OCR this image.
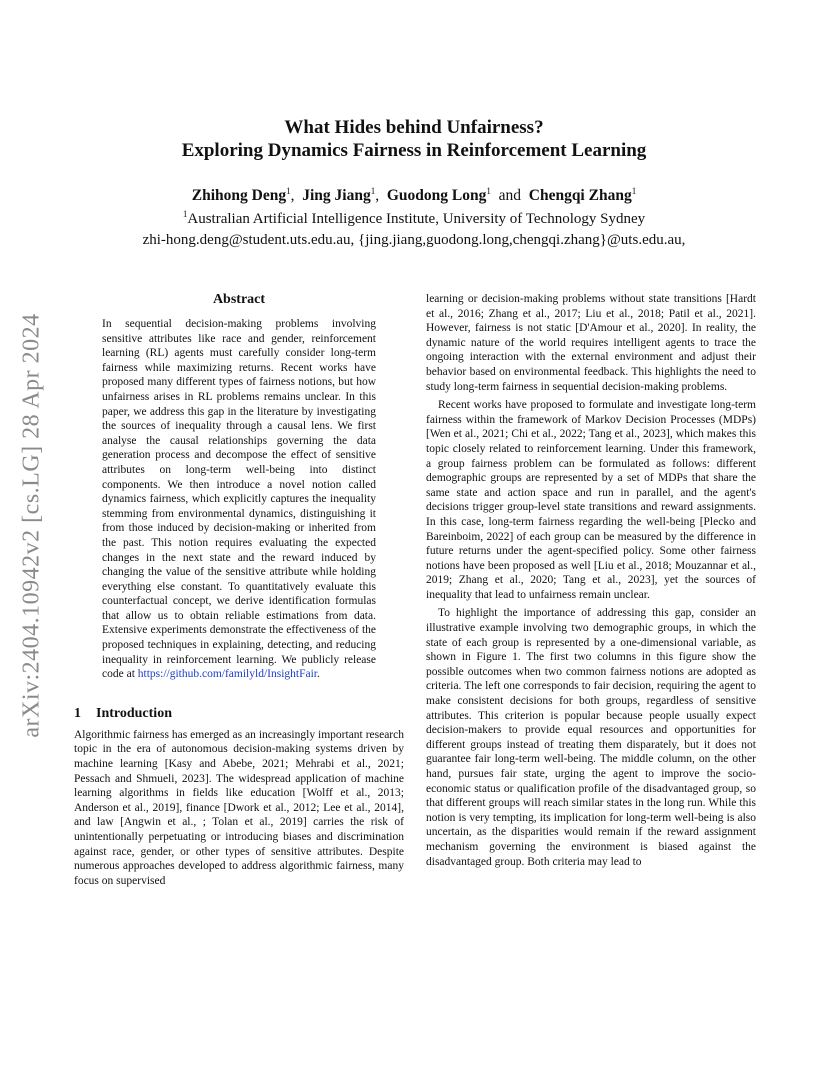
arXiv:2404.10942v2 [cs.LG] 28 Apr 2024
What Hides behind Unfairness?
Exploring Dynamics Fairness in Reinforcement Learning
Zhihong Deng$^1$, Jing Jiang$^1$, Guodong Long$^1$ and Chengqi Zhang$^1$
$^1$Australian Artificial Intelligence Institute, University of Technology Sydney
zhi-hong.deng@student.uts.edu.au, {jing.jiang,guodong.long,chengqi.zhang}@uts.edu.au,
Abstract

In sequential decision-making problems involving sensitive attributes like race and gender, reinforcement learning (RL) agents must carefully consider long-term fairness while maximizing returns. Recent works have proposed many different types of fairness notions, but how unfairness arises in RL problems remains unclear. In this paper, we address this gap in the literature by investigating the sources of inequality through a causal lens. We first analyse the causal relationships governing the data generation process and decompose the effect of sensitive attributes on long-term well-being into distinct components. We then introduce a novel notion called dynamics fairness, which explicitly captures the inequality stemming from environmental dynamics, distinguishing it from those induced by decision-making or inherited from the past. This notion requires evaluating the expected changes in the next state and the reward induced by changing the value of the sensitive attribute while holding everything else constant. To quantitatively evaluate this counterfactual concept, we derive identification formulas that allow us to obtain reliable estimations from data. Extensive experiments demonstrate the effectiveness of the proposed techniques in explaining, detecting, and reducing inequality in reinforcement learning. We publicly release code at https://github.com/familyld/InsightFair.

1 Introduction

Algorithmic fairness has emerged as an increasingly important research topic in the era of autonomous decision-making systems driven by machine learning [Kasy and Abebe, 2021; Mehrabi et al., 2021; Pessach and Shmueli, 2023]. The widespread application of machine learning algorithms in fields like education [Wolff et al., 2013; Anderson et al., 2019], finance [Dwork et al., 2012; Lee et al., 2014], and law [Angwin et al., ; Tolan et al., 2019] carries the risk of unintentionally perpetuating or introducing biases and discrimination against race, gender, or other types of sensitive attributes. Despite numerous approaches developed to address algorithmic fairness, many focus on supervised

learning or decision-making problems without state transitions [Hardt et al., 2016; Zhang et al., 2017; Liu et al., 2018; Patil et al., 2021]. However, fairness is not static [D'Amour et al., 2020]. In reality, the dynamic nature of the world requires intelligent agents to trace the ongoing interaction with the external environment and adjust their behavior based on environmental feedback. This highlights the need to study long-term fairness in sequential decision-making problems.

Recent works have proposed to formulate and investigate long-term fairness within the framework of Markov Decision Processes (MDPs) [Wen et al., 2021; Chi et al., 2022; Tang et al., 2023], which makes this topic closely related to reinforcement learning. Under this framework, a group fairness problem can be formulated as follows: different demographic groups are represented by a set of MDPs that share the same state and action space and run in parallel, and the agent's decisions trigger group-level state transitions and reward assignments. In this case, long-term fairness regarding the well-being [Plecko and Bareinboim, 2022] of each group can be measured by the difference in future returns under the agent-specified policy. Some other fairness notions have been proposed as well [Liu et al., 2018; Mouzannar et al., 2019; Zhang et al., 2020; Tang et al., 2023], yet the sources of inequality that lead to unfairness remain unclear.

To highlight the importance of addressing this gap, consider an illustrative example involving two demographic groups, in which the state of each group is represented by a one-dimensional variable, as shown in Figure 1. The first two columns in this figure show the possible outcomes when two common fairness notions are adopted as criteria. The left one corresponds to fair decision, requiring the agent to make consistent decisions for both groups, regardless of sensitive attributes. This criterion is popular because people usually expect decision-makers to provide equal resources and opportunities for different groups instead of treating them disparately, but it does not guarantee fair long-term well-being. The middle column, on the other hand, pursues fair state, urging the agent to improve the socio-economic status or qualification profile of the disadvantaged group, so that different groups will reach similar states in the long run. While this notion is very tempting, its implication for long-term well-being is also uncertain, as the disparities would remain if the reward assignment mechanism governing the environment is biased against the disadvantaged group. Both criteria may lead to
